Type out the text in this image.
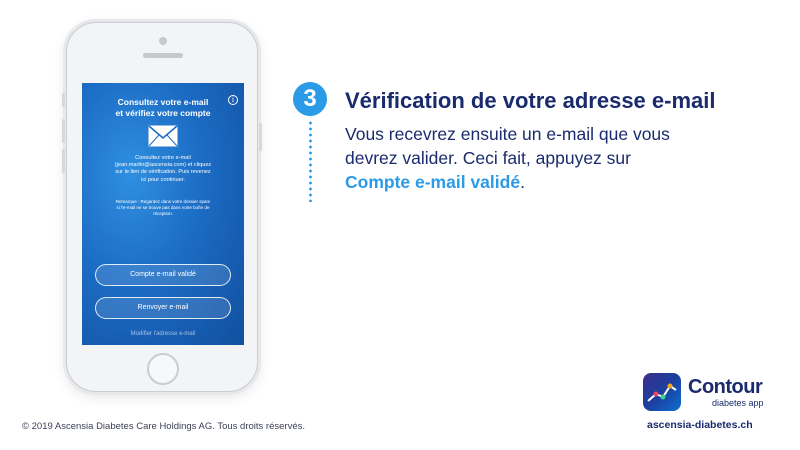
Consultez votre e-mail
et vérifiez votre compte
i
Consultez votre e-mail
(jean.martin@ascensia.com) et cliquez
sur le lien de vérification. Puis revenez
ici pour continuer.
Remarque : Regardez dans votre dossier spam
si l'e-mail ne se trouve pas dans votre boîte de
réception.
Compte e-mail validé
Renvoyer e-mail
Modifier l'adresse e-mail
3	Vérification de votre adresse e-mail
Vous recevrez ensuite un e-mail que vous
devrez valider. Ceci fait, appuyez sur
Compte e-mail validé.
© 2019 Ascensia Diabetes Care Holdings AG. Tous droits réservés.
Contour
diabetes app
ascensia-diabetes.ch
